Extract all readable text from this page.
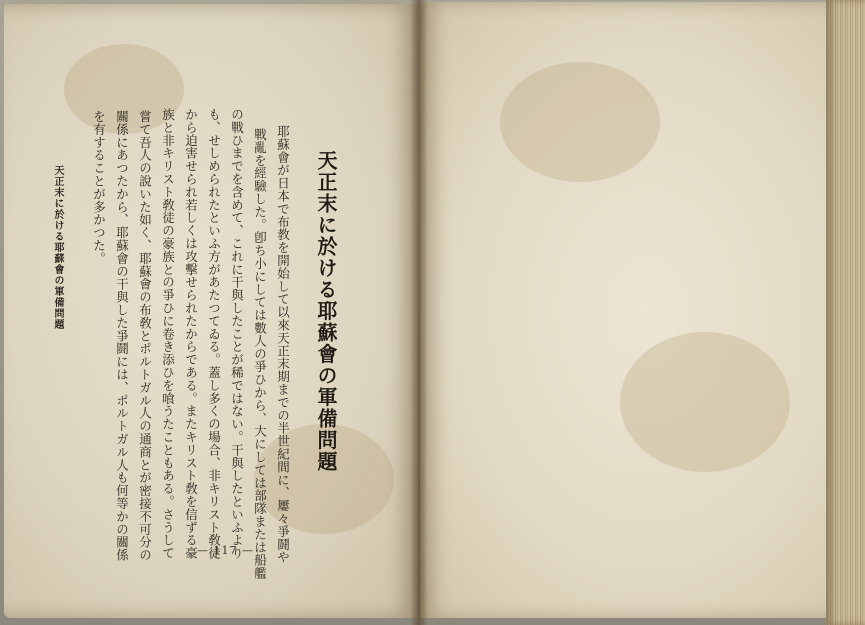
天正末に於ける耶蘇會の軍備問題
耶蘇會が日本で布教を開始して以來天正末期までの半世紀間に、屢々爭鬪や
戰亂を經驗した。卽ち小にしては數人の爭ひから、大にしては部隊または船艦
の戰ひまでを含めて、これに干與したことが稀ではない。干與したといふより
も、せしめられたといふ方があたつてゐる。蓋し多くの場合、非キリスト敎徒
から迫害せられ若しくは攻擊せられたからである。またキリスト敎を信ずる豪
族と非キリスト敎徒の豪族との爭ひに卷き添ひを喰うたこともある。さうして
嘗て吾人の說いた如く、耶蘇會の布敎とポルトガル人の通商とが密接不可分の
關係にあつたから、耶蘇會の干與した爭鬪には、ポルトガル人も何等かの關係
を有することが多かつた。
天正末に於ける耶蘇會の軍備問題
— 117 —
